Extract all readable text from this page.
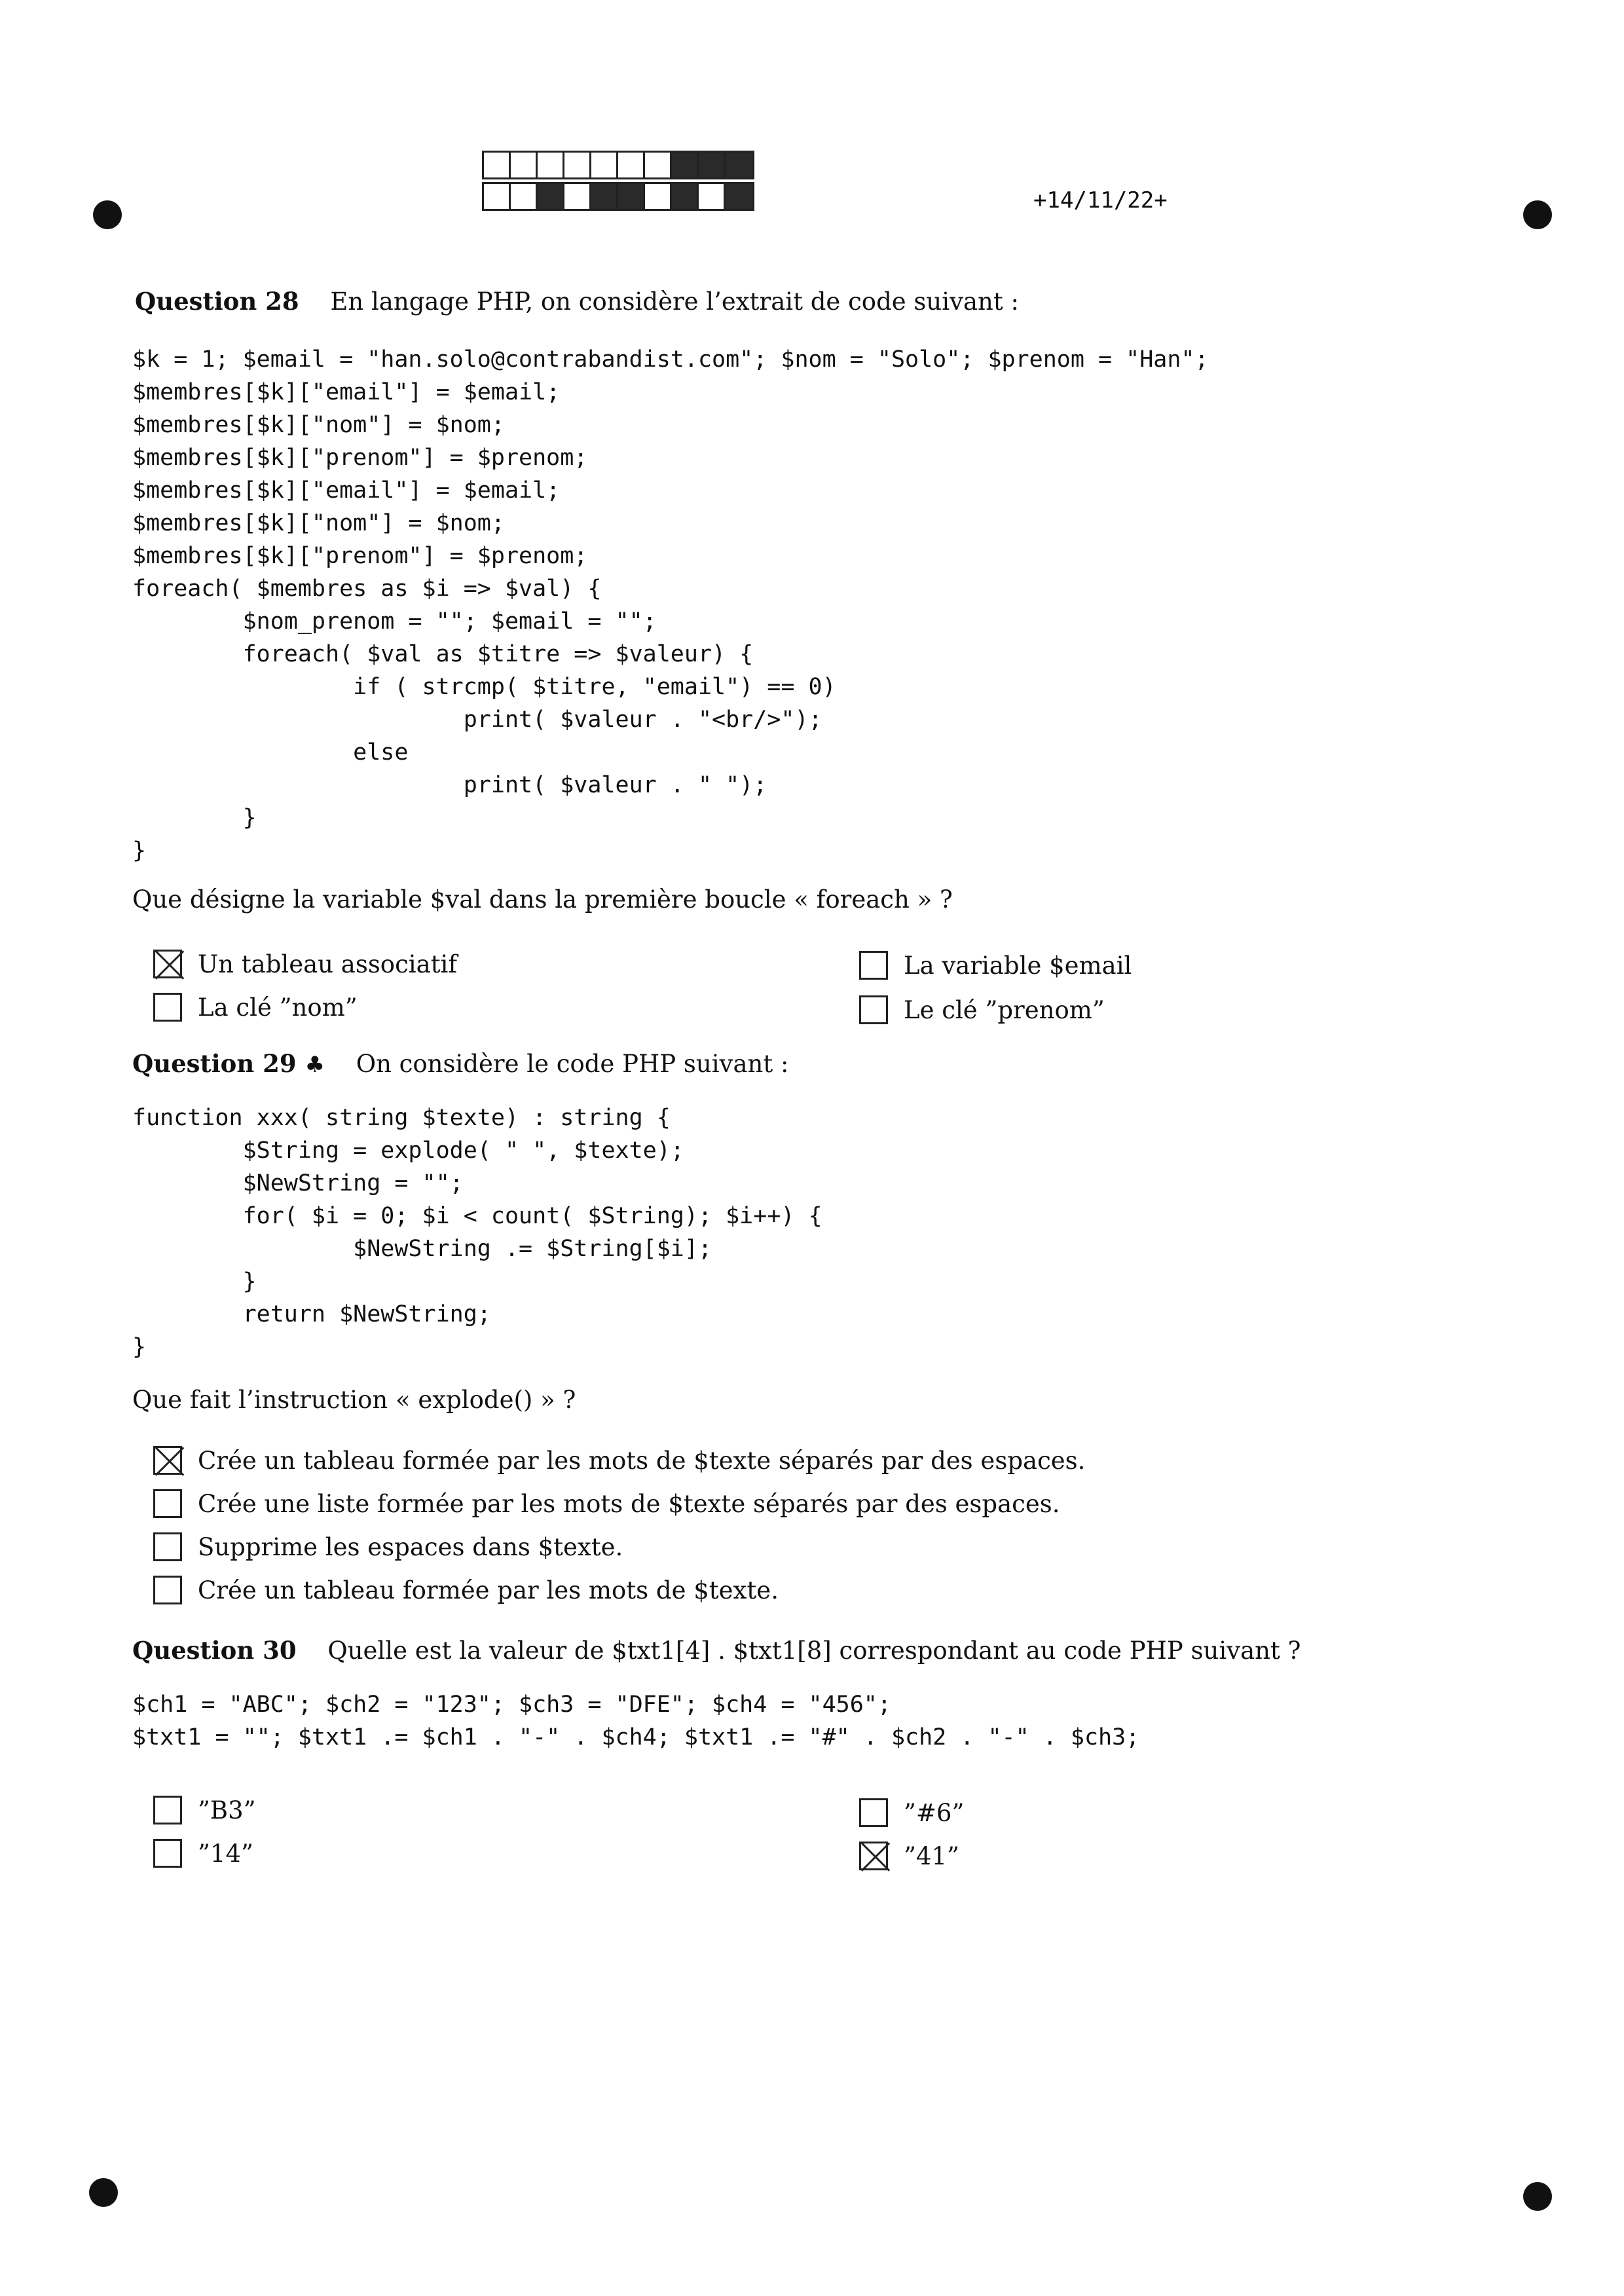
+14/11/22+
Question 28 En langage PHP, on considère l’extrait de code suivant :
$k = 1; $email = "han.solo@contrabandist.com"; $nom = "Solo"; $prenom = "Han";
$membres[$k]["email"] = $email;
$membres[$k]["nom"] = $nom;
$membres[$k]["prenom"] = $prenom;
$membres[$k]["email"] = $email;
$membres[$k]["nom"] = $nom;
$membres[$k]["prenom"] = $prenom;
foreach( $membres as $i => $val) {
$nom_prenom = ""; $email = "";
foreach( $val as $titre => $valeur) {
if ( strcmp( $titre, "email") == 0)
print( $valeur . "<br/>");
else
print( $valeur . " ");
}
}
Que désigne la variable $val dans la première boucle « foreach » ?
Un tableau associatif	La variable $email
La clé ”nom”	Le clé ”prenom”
Question 29 ♣ On considère le code PHP suivant :
function xxx( string $texte) : string {
$String = explode( " ", $texte);
$NewString = "";
for( $i = 0; $i < count( $String); $i++) {
$NewString .= $String[$i];
}
return $NewString;
}
Que fait l’instruction « explode() » ?
Crée un tableau formée par les mots de $texte séparés par des espaces.
Crée une liste formée par les mots de $texte séparés par des espaces.
Supprime les espaces dans $texte.
Crée un tableau formée par les mots de $texte.
Question 30 Quelle est la valeur de $txt1[4] . $txt1[8] correspondant au code PHP suivant ?
$ch1 = "ABC"; $ch2 = "123"; $ch3 = "DFE"; $ch4 = "456";
$txt1 = ""; $txt1 .= $ch1 . "-" . $ch4; $txt1 .= "#" . $ch2 . "-" . $ch3;
”B3”	”#6”
”14”	”41”
